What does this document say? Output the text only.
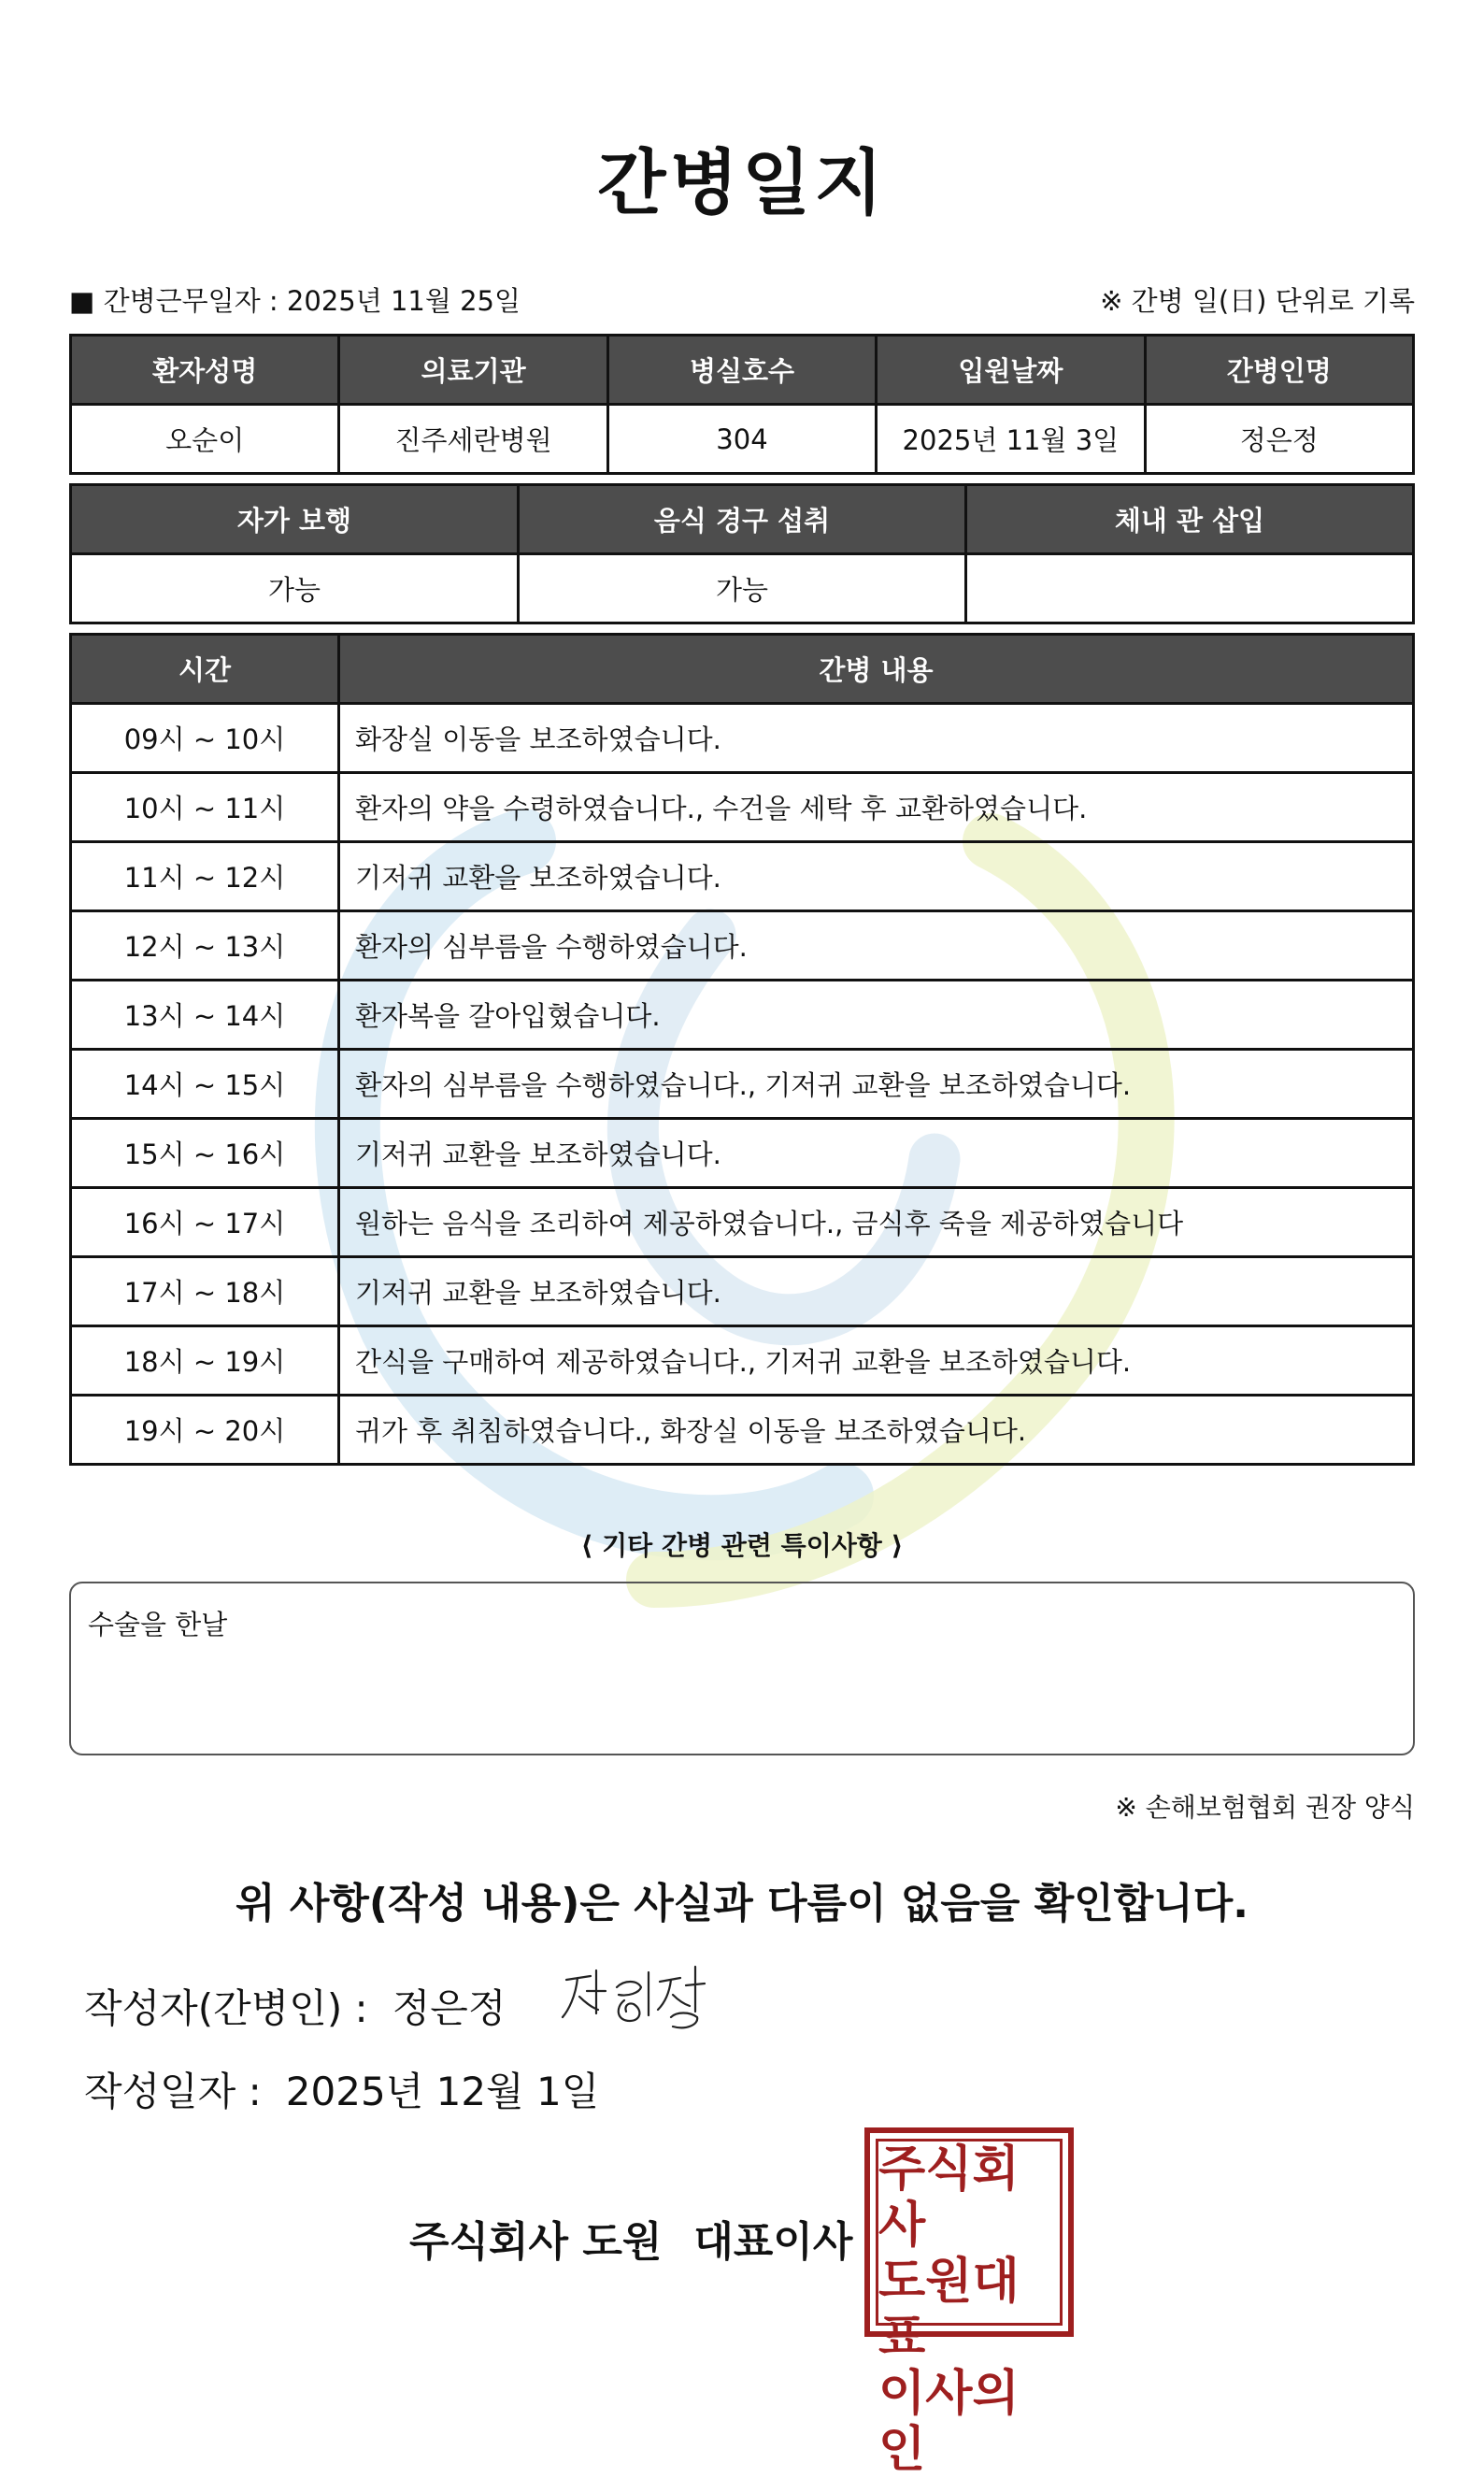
간병일지
■ 간병근무일자 : 2025년 11월 25일	※ 간병 일(日) 단위로 기록
환자성명	의료기관	병실호수	입원날짜	간병인명
오순이	진주세란병원	304	2025년 11월 3일	정은정
자가 보행	음식 경구 섭취	체내 관 삽입
가능	가능	
시간	간병 내용
09시 ~ 10시	화장실 이동을 보조하였습니다.
10시 ~ 11시	환자의 약을 수령하였습니다., 수건을 세탁 후 교환하였습니다.
11시 ~ 12시	기저귀 교환을 보조하였습니다.
12시 ~ 13시	환자의 심부름을 수행하였습니다.
13시 ~ 14시	환자복을 갈아입혔습니다.
14시 ~ 15시	환자의 심부름을 수행하였습니다., 기저귀 교환을 보조하였습니다.
15시 ~ 16시	기저귀 교환을 보조하였습니다.
16시 ~ 17시	원하는 음식을 조리하여 제공하였습니다., 금식후 죽을 제공하였습니다
17시 ~ 18시	기저귀 교환을 보조하였습니다.
18시 ~ 19시	간식을 구매하여 제공하였습니다., 기저귀 교환을 보조하였습니다.
19시 ~ 20시	귀가 후 취침하였습니다., 화장실 이동을 보조하였습니다.
⟨ 기타 간병 관련 특이사항 ⟩
수술을 한날
※ 손해보험협회 권장 양식
위 사항(작성 내용)은 사실과 다름이 없음을 확인합니다.
작성자(간병인) : 정은정
작성일자 : 2025년 12월 1일
주식회사 도원 대표이사
주식회사
도원대표
이사의인
